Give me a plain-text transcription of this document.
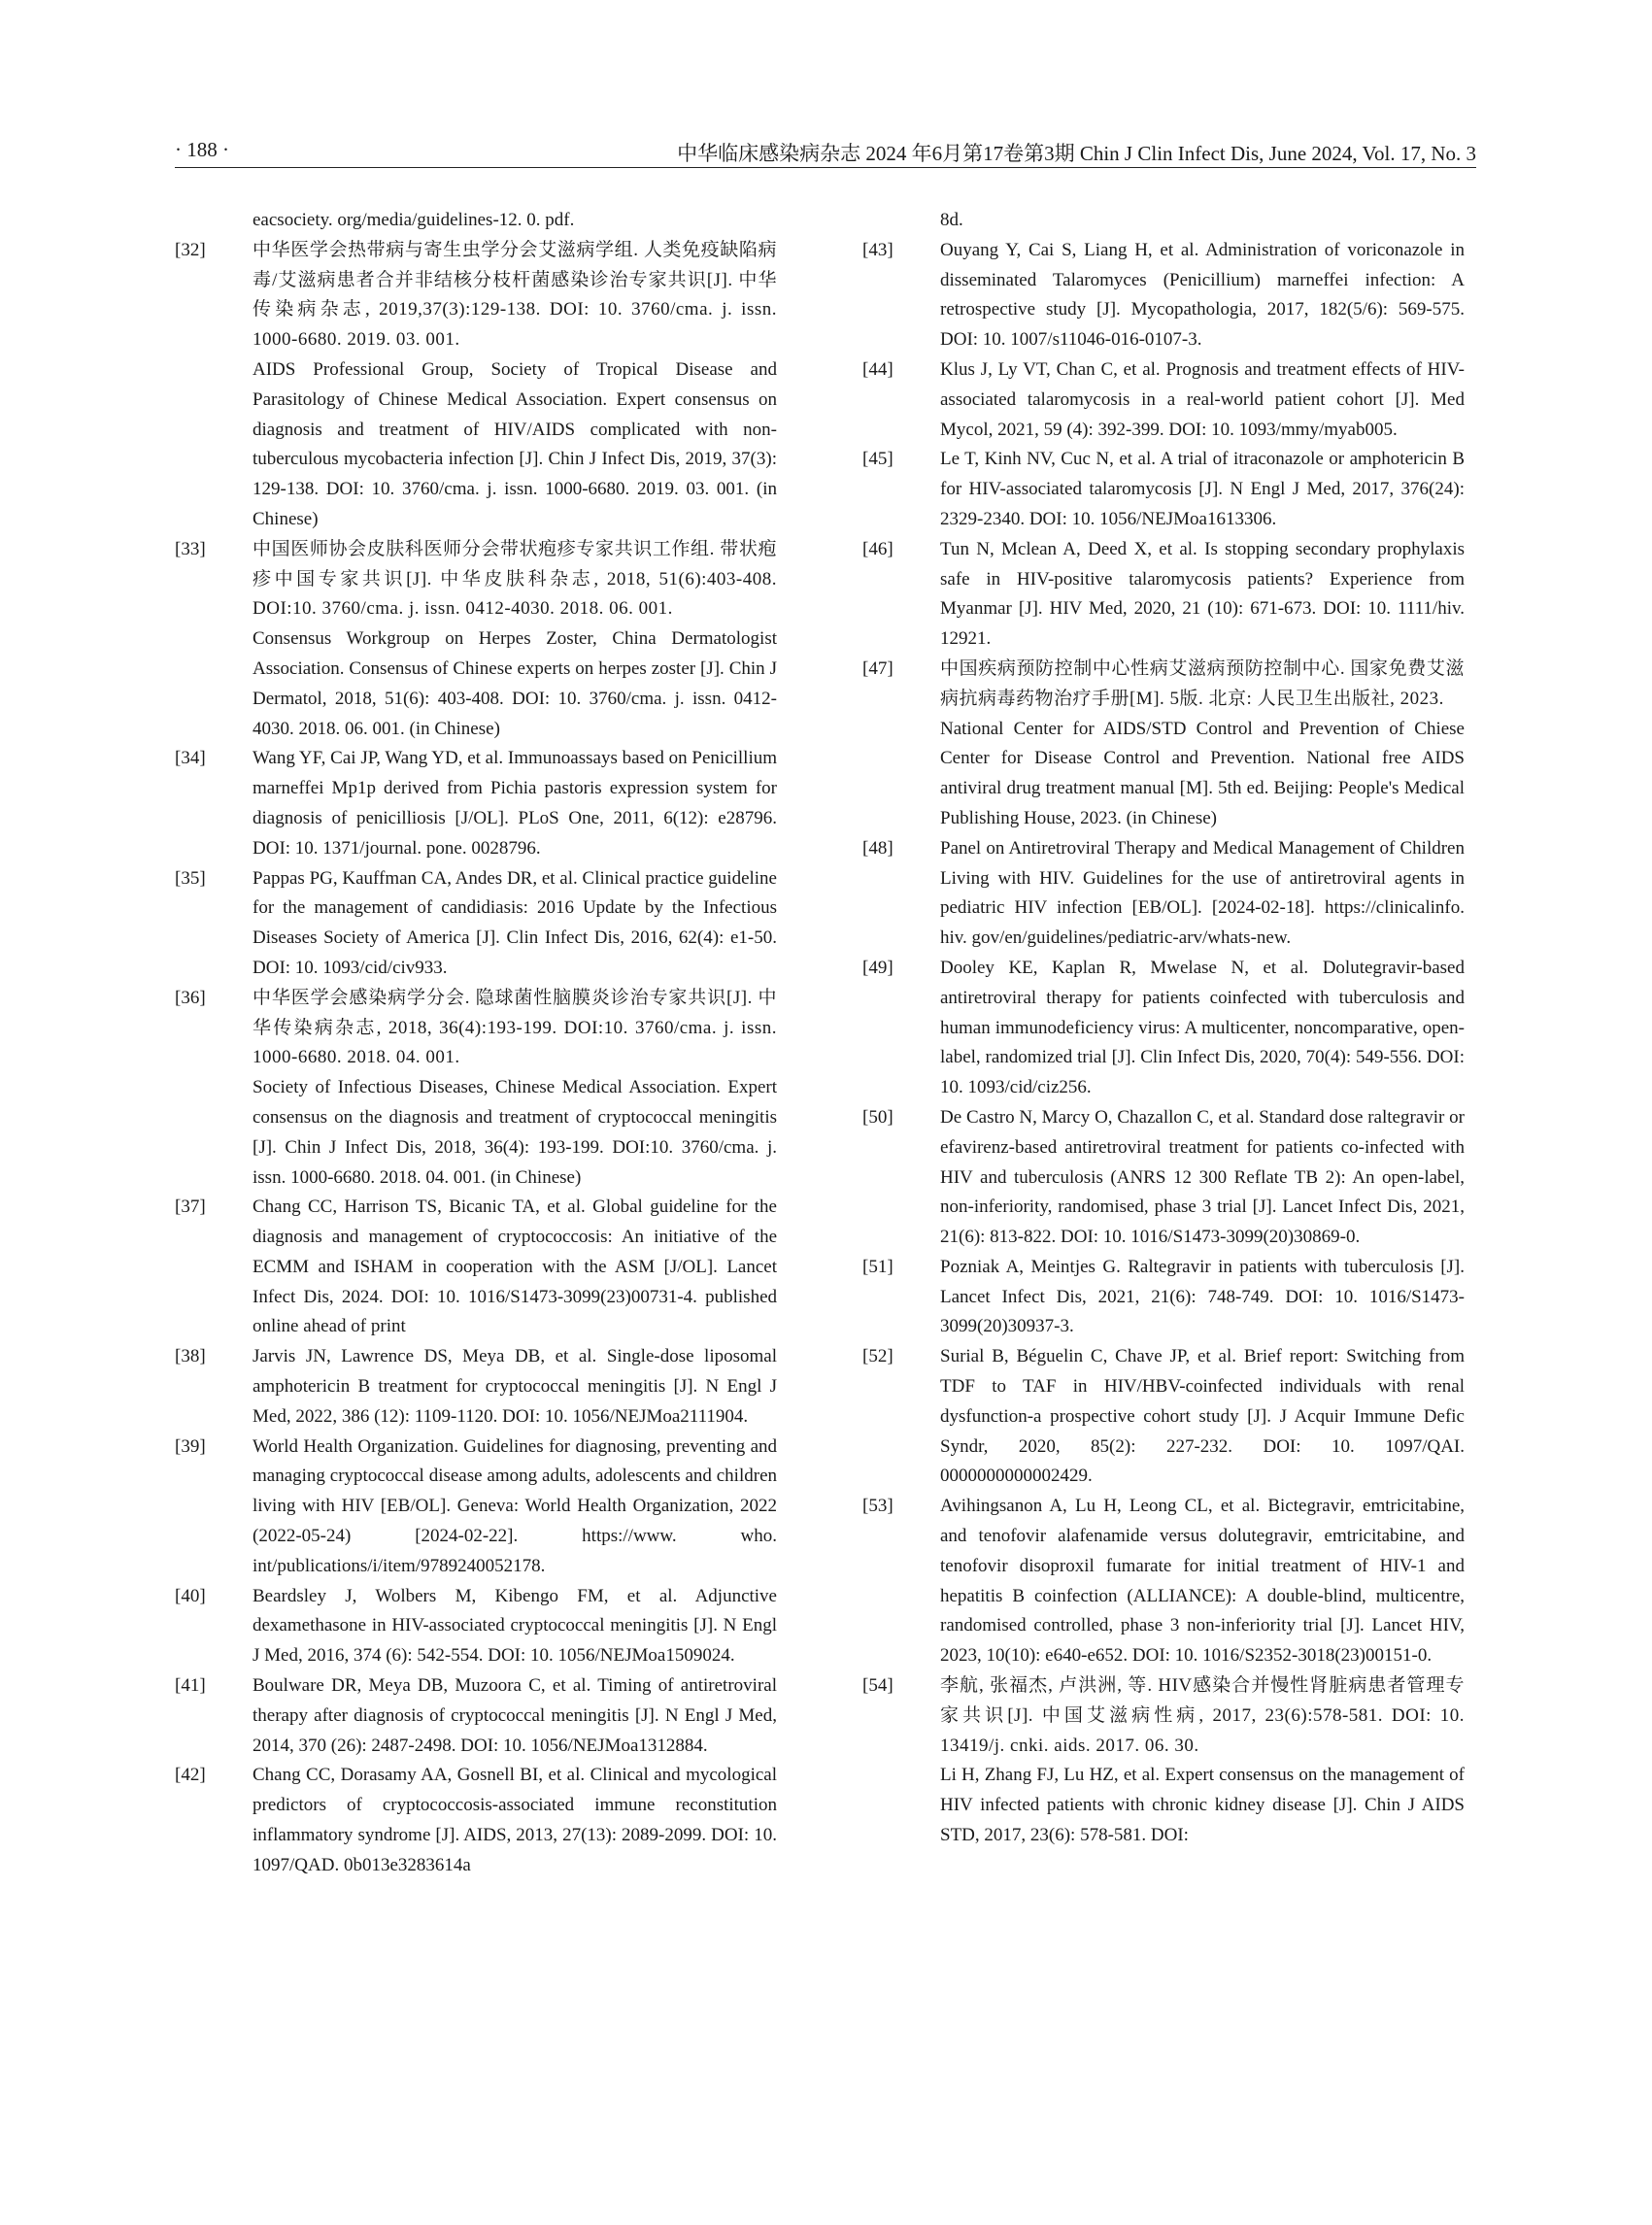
· 188 ·	中华临床感染病杂志 2024 年6月第17卷第3期 Chin J Clin Infect Dis, June 2024, Vol. 17, No. 3

eacsociety. org/media/guidelines-12. 0. pdf.

[32]	中华医学会热带病与寄生虫学分会艾滋病学组. 人类免疫缺陷病毒/艾滋病患者合并非结核分枝杆菌感染诊治专家共识[J]. 中华传染病杂志, 2019,37(3):129-138. DOI: 10. 3760/cma. j. issn. 1000-6680. 2019. 03. 001.

AIDS Professional Group, Society of Tropical Disease and Parasitology of Chinese Medical Association. Expert consensus on diagnosis and treatment of HIV/AIDS complicated with non-tuberculous mycobacteria infection [J]. Chin J Infect Dis, 2019, 37(3): 129-138. DOI: 10. 3760/cma. j. issn. 1000-6680. 2019. 03. 001. (in Chinese)

[33]	中国医师协会皮肤科医师分会带状疱疹专家共识工作组. 带状疱疹中国专家共识[J]. 中华皮肤科杂志, 2018, 51(6):403-408. DOI:10. 3760/cma. j. issn. 0412-4030. 2018. 06. 001.

Consensus Workgroup on Herpes Zoster, China Dermatologist Association. Consensus of Chinese experts on herpes zoster [J]. Chin J Dermatol, 2018, 51(6): 403-408. DOI: 10. 3760/cma. j. issn. 0412-4030. 2018. 06. 001. (in Chinese)

[34]	Wang YF, Cai JP, Wang YD, et al. Immunoassays based on Penicillium marneffei Mp1p derived from Pichia pastoris expression system for diagnosis of penicilliosis [J/OL]. PLoS One, 2011, 6(12): e28796. DOI: 10. 1371/journal. pone. 0028796.

[35]	Pappas PG, Kauffman CA, Andes DR, et al. Clinical practice guideline for the management of candidiasis: 2016 Update by the Infectious Diseases Society of America [J]. Clin Infect Dis, 2016, 62(4): e1-50. DOI: 10. 1093/cid/civ933.

[36]	中华医学会感染病学分会. 隐球菌性脑膜炎诊治专家共识[J]. 中华传染病杂志, 2018, 36(4):193-199. DOI:10. 3760/cma. j. issn. 1000-6680. 2018. 04. 001.

Society of Infectious Diseases, Chinese Medical Association. Expert consensus on the diagnosis and treatment of cryptococcal meningitis [J]. Chin J Infect Dis, 2018, 36(4): 193-199. DOI:10. 3760/cma. j. issn. 1000-6680. 2018. 04. 001. (in Chinese)

[37]	Chang CC, Harrison TS, Bicanic TA, et al. Global guideline for the diagnosis and management of cryptococcosis: An initiative of the ECMM and ISHAM in cooperation with the ASM [J/OL]. Lancet Infect Dis, 2024. DOI: 10. 1016/S1473-3099(23)00731-4. published online ahead of print

[38]	Jarvis JN, Lawrence DS, Meya DB, et al. Single-dose liposomal amphotericin B treatment for cryptococcal meningitis [J]. N Engl J Med, 2022, 386 (12): 1109-1120. DOI: 10. 1056/NEJMoa2111904.

[39]	World Health Organization. Guidelines for diagnosing, preventing and managing cryptococcal disease among adults, adolescents and children living with HIV [EB/OL]. Geneva: World Health Organization, 2022 (2022-05-24) [2024-02-22]. https://www. who. int/publications/i/item/9789240052178.

[40]	Beardsley J, Wolbers M, Kibengo FM, et al. Adjunctive dexamethasone in HIV-associated cryptococcal meningitis [J]. N Engl J Med, 2016, 374 (6): 542-554. DOI: 10. 1056/NEJMoa1509024.

[41]	Boulware DR, Meya DB, Muzoora C, et al. Timing of antiretroviral therapy after diagnosis of cryptococcal meningitis [J]. N Engl J Med, 2014, 370 (26): 2487-2498. DOI: 10. 1056/NEJMoa1312884.

[42]	Chang CC, Dorasamy AA, Gosnell BI, et al. Clinical and mycological predictors of cryptococcosis-associated immune reconstitution inflammatory syndrome [J]. AIDS, 2013, 27(13): 2089-2099. DOI: 10. 1097/QAD. 0b013e3283614a

8d.

[43]	Ouyang Y, Cai S, Liang H, et al. Administration of voriconazole in disseminated Talaromyces (Penicillium) marneffei infection: A retrospective study [J]. Mycopathologia, 2017, 182(5/6): 569-575. DOI: 10. 1007/s11046-016-0107-3.

[44]	Klus J, Ly VT, Chan C, et al. Prognosis and treatment effects of HIV-associated talaromycosis in a real-world patient cohort [J]. Med Mycol, 2021, 59 (4): 392-399. DOI: 10. 1093/mmy/myab005.

[45]	Le T, Kinh NV, Cuc N, et al. A trial of itraconazole or amphotericin B for HIV-associated talaromycosis [J]. N Engl J Med, 2017, 376(24): 2329-2340. DOI: 10. 1056/NEJMoa1613306.

[46]	Tun N, Mclean A, Deed X, et al. Is stopping secondary prophylaxis safe in HIV-positive talaromycosis patients? Experience from Myanmar [J]. HIV Med, 2020, 21 (10): 671-673. DOI: 10. 1111/hiv. 12921.

[47]	中国疾病预防控制中心性病艾滋病预防控制中心. 国家免费艾滋病抗病毒药物治疗手册[M]. 5版. 北京: 人民卫生出版社, 2023.

National Center for AIDS/STD Control and Prevention of Chiese Center for Disease Control and Prevention. National free AIDS antiviral drug treatment manual [M]. 5th ed. Beijing: People's Medical Publishing House, 2023. (in Chinese)

[48]	Panel on Antiretroviral Therapy and Medical Management of Children Living with HIV. Guidelines for the use of antiretroviral agents in pediatric HIV infection [EB/OL]. [2024-02-18]. https://clinicalinfo. hiv. gov/en/guidelines/pediatric-arv/whats-new.

[49]	Dooley KE, Kaplan R, Mwelase N, et al. Dolutegravir-based antiretroviral therapy for patients coinfected with tuberculosis and human immunodeficiency virus: A multicenter, noncomparative, open-label, randomized trial [J]. Clin Infect Dis, 2020, 70(4): 549-556. DOI: 10. 1093/cid/ciz256.

[50]	De Castro N, Marcy O, Chazallon C, et al. Standard dose raltegravir or efavirenz-based antiretroviral treatment for patients co-infected with HIV and tuberculosis (ANRS 12 300 Reflate TB 2): An open-label, non-inferiority, randomised, phase 3 trial [J]. Lancet Infect Dis, 2021, 21(6): 813-822. DOI: 10. 1016/S1473-3099(20)30869-0.

[51]	Pozniak A, Meintjes G. Raltegravir in patients with tuberculosis [J]. Lancet Infect Dis, 2021, 21(6): 748-749. DOI: 10. 1016/S1473-3099(20)30937-3.

[52]	Surial B, Béguelin C, Chave JP, et al. Brief report: Switching from TDF to TAF in HIV/HBV-coinfected individuals with renal dysfunction-a prospective cohort study [J]. J Acquir Immune Defic Syndr, 2020, 85(2): 227-232. DOI: 10. 1097/QAI. 0000000000002429.

[53]	Avihingsanon A, Lu H, Leong CL, et al. Bictegravir, emtricitabine, and tenofovir alafenamide versus dolutegravir, emtricitabine, and tenofovir disoproxil fumarate for initial treatment of HIV-1 and hepatitis B coinfection (ALLIANCE): A double-blind, multicentre, randomised controlled, phase 3 non-inferiority trial [J]. Lancet HIV, 2023, 10(10): e640-e652. DOI: 10. 1016/S2352-3018(23)00151-0.

[54]	李航, 张福杰, 卢洪洲, 等. HIV感染合并慢性肾脏病患者管理专家共识[J]. 中国艾滋病性病, 2017, 23(6):578-581. DOI: 10. 13419/j. cnki. aids. 2017. 06. 30.

Li H, Zhang FJ, Lu HZ, et al. Expert consensus on the management of HIV infected patients with chronic kidney disease [J]. Chin J AIDS STD, 2017, 23(6): 578-581. DOI:
